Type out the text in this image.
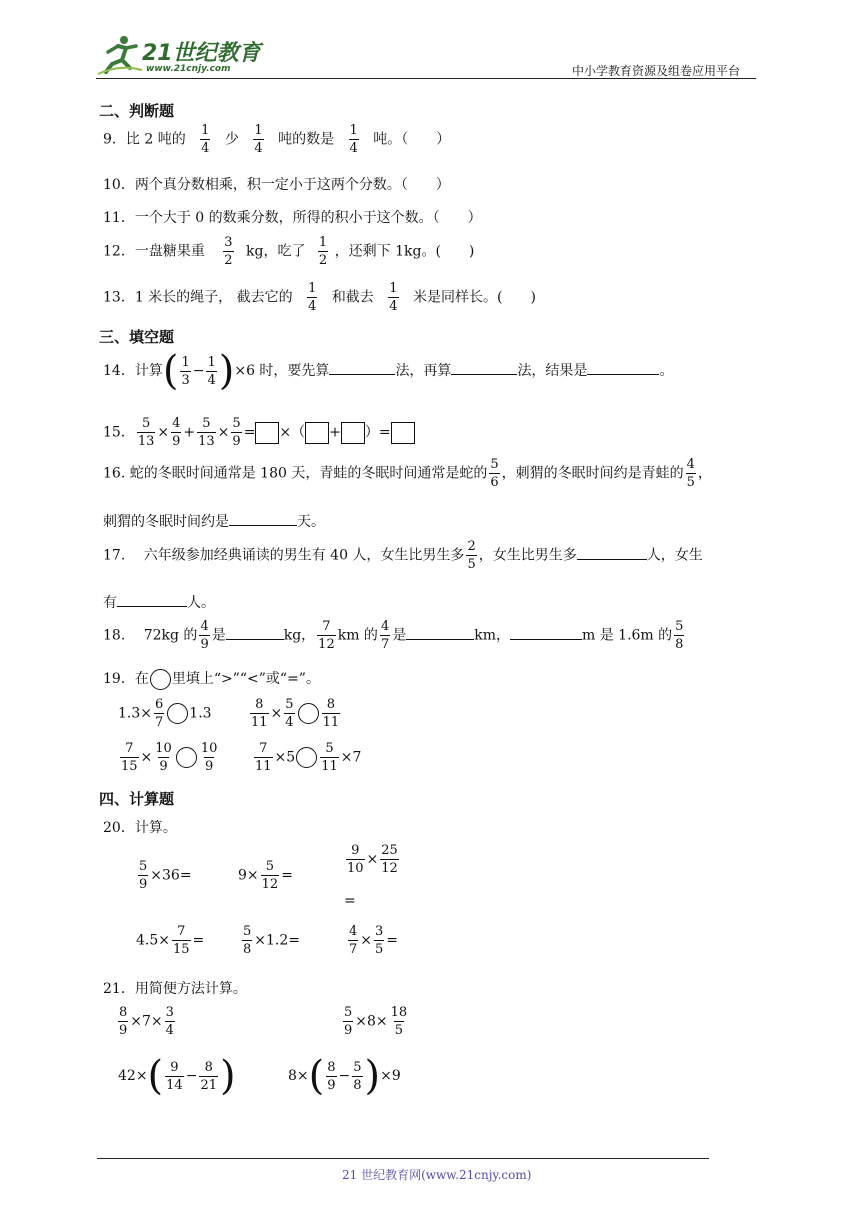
21世纪教育
www.21cnjy.com	中小学教育资源及组卷应用平台
二、判断题
9．比 2 吨的 $\frac{1}{4}$ 少 $\frac{1}{4}$ 吨的数是 $\frac{1}{4}$ 吨。（　　）
10．两个真分数相乘，积一定小于这两个分数。（　　）
11．一个大于 0 的数乘分数，所得的积小于这个数。（　　）
12．一盘糖果重 $\frac{3}{2}$ kg，吃了 $\frac{1}{2}$ ，还剩下 1kg。(　　)
13．1 米长的绳子， 截去它的 $\frac{1}{4}$ 和截去 $\frac{1}{4}$ 米是同样长。(　　)
三、填空题
14．计算( $\frac{1}{3} - \frac{1}{4} )\times 6$ 时，要先算	法，再算	法，结果是	。
15． $\frac{5}{13} \times \frac{4}{9} + \frac{5}{13} \times \frac{5}{9}$ = ×（ + ）=
16. 蛇的冬眠时间通常是 180 天，青蛙的冬眠时间通常是蛇的 $\frac{5}{6}$ ，刺猬的冬眠时间约是青蛙的 $\frac{4}{5}$ ，
刺猬的冬眠时间约是	天。
17.　 六年级参加经典诵读的男生有 40 人，女生比男生多 $\frac{2}{5}$ ，女生比男生多	人，女生
有	人。
18.　 72kg 的 $\frac{4}{9}$ 是	kg， $\frac{7}{12}$ km 的 $\frac{4}{7}$ 是	km，	m 是 1.6m 的 $\frac{5}{8}$
19．在 里填上“>”“<”或“=”。
$1.3\times \frac{6}{7} 1.3$	$\frac{8}{11} \times \frac{5}{4} \frac{8}{11}$
$\frac{7}{15} \times \frac{10}{9} \frac{10}{9}$	$\frac{7}{11} \times 5 \frac{5}{11} \times 7$
四、计算题
20．计算。
$\frac{5}{9} \times 36=$	$9\times \frac{5}{12}$ =
$\frac{9}{10} \times \frac{25}{12}$
=
$4.5\times \frac{7}{15}$ =	$\frac{5}{8} \times 1.2=$	$\frac{4}{7} \times \frac{3}{5}$ =
21．用简便方法计算。
$\frac{8}{9} \times 7\times \frac{3}{4}$	$\frac{5}{9} \times 8\times \frac{18}{5}$
$42\times( \frac{9}{14} - \frac{8}{21}$ )	$8\times( \frac{8}{9} - \frac{5}{8} )\times 9$
21 世纪教育网(www.21cnjy.com)
